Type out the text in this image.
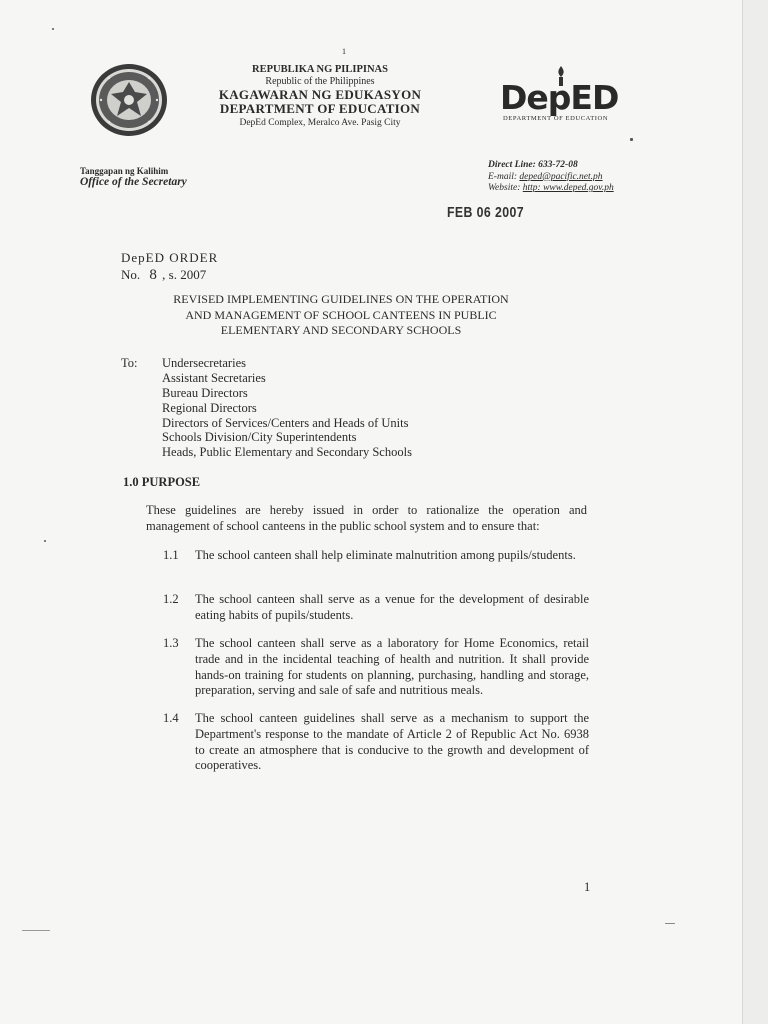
1
REPUBLIKA NG PILIPINAS
Republic of the Philippines
KAGAWARAN NG EDUKASYON
DEPARTMENT OF EDUCATION
DepEd Complex, Meralco Ave. Pasig City
DepED
DEPARTMENT OF EDUCATION
Tanggapan ng Kalihim
Office of the Secretary
Direct Line: 633-72-08
E-mail: deped@pacific.net.ph
Website: http: www.deped.gov.ph
FEB 06 2007
DepED ORDER
No. 8 , s. 2007
REVISED IMPLEMENTING GUIDELINES ON THE OPERATION
AND MANAGEMENT OF SCHOOL CANTEENS IN PUBLIC
ELEMENTARY AND SECONDARY SCHOOLS
To: Undersecretaries
Assistant Secretaries
Bureau Directors
Regional Directors
Directors of Services/Centers and Heads of Units
Schools Division/City Superintendents
Heads, Public Elementary and Secondary Schools
1.0 PURPOSE
These guidelines are hereby issued in order to rationalize the operation and management of school canteens in the public school system and to ensure that:
1.1 The school canteen shall help eliminate malnutrition among pupils/students.
1.2 The school canteen shall serve as a venue for the development of desirable eating habits of pupils/students.
1.3 The school canteen shall serve as a laboratory for Home Economics, retail trade and in the incidental teaching of health and nutrition. It shall provide hands-on training for students on planning, purchasing, handling and storage, preparation, serving and sale of safe and nutritious meals.
1.4 The school canteen guidelines shall serve as a mechanism to support the Department's response to the mandate of Article 2 of Republic Act No. 6938 to create an atmosphere that is conducive to the growth and development of cooperatives.
1
